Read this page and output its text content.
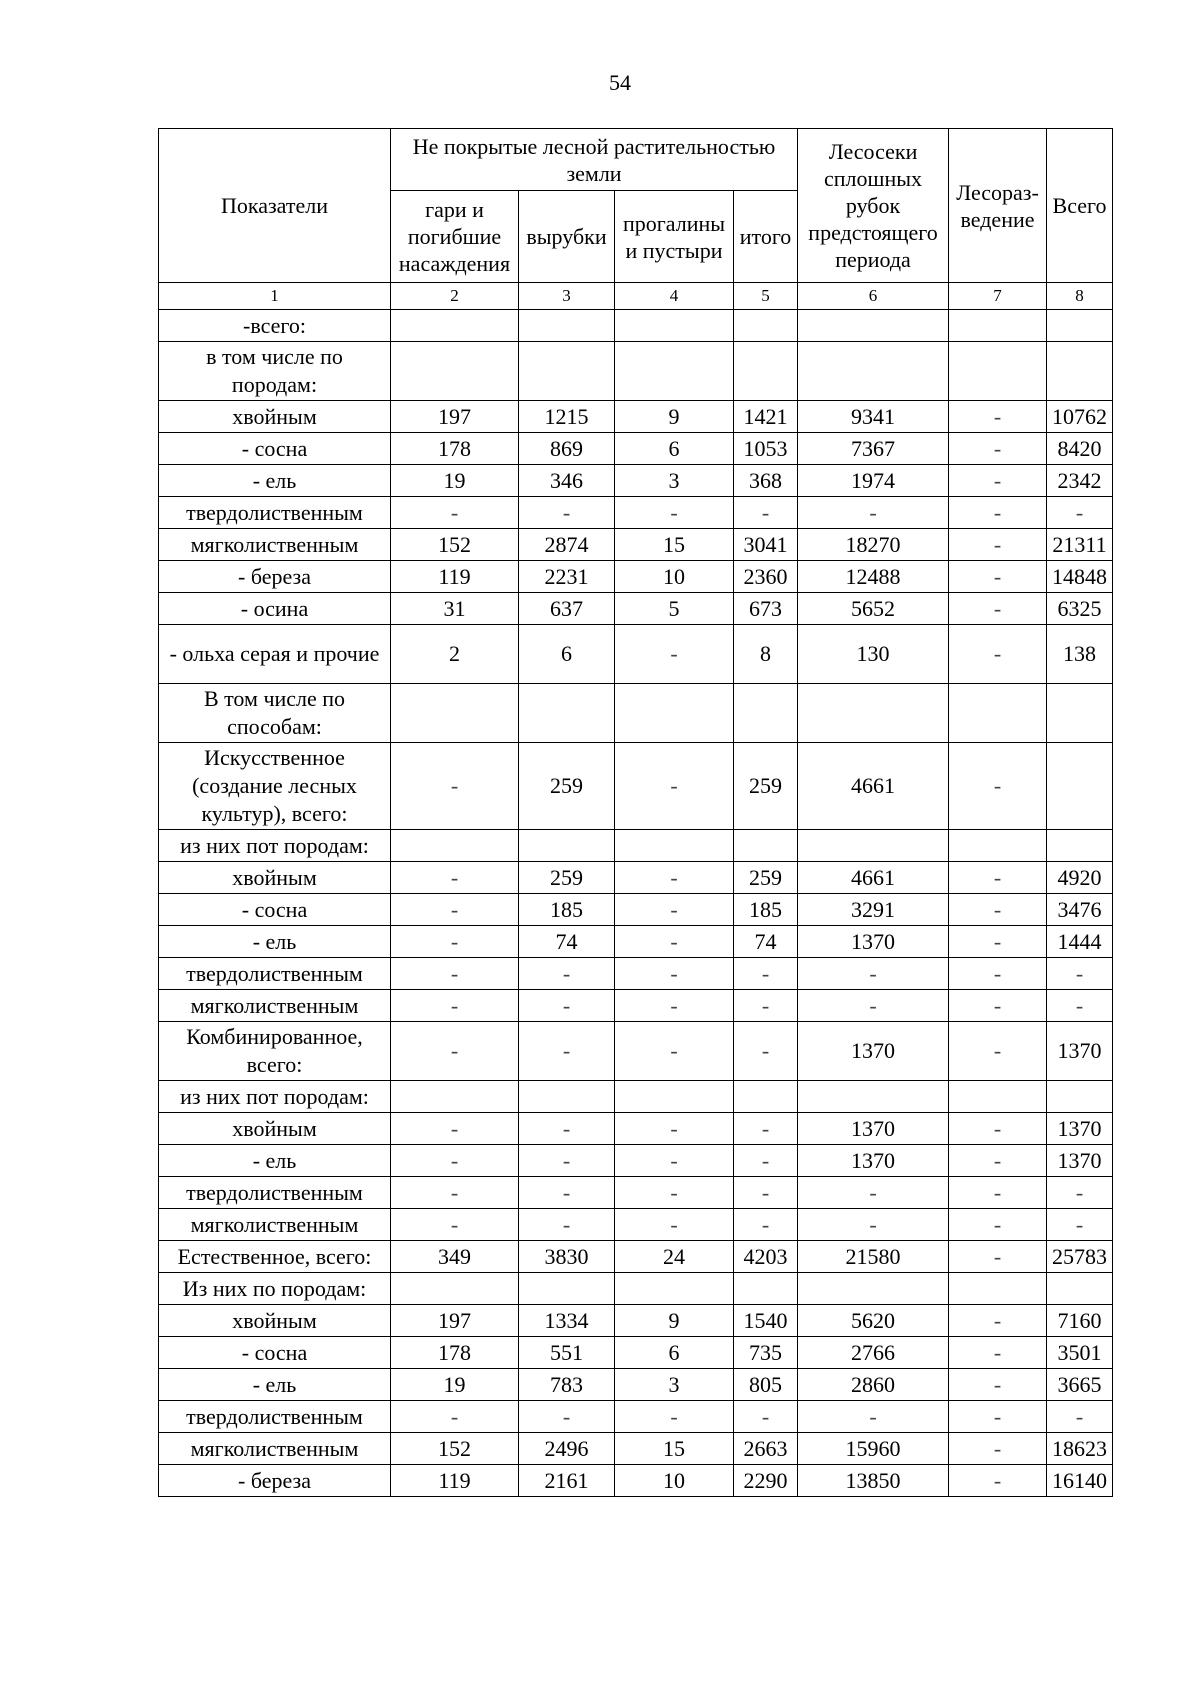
54
Показатели	Не покрытые лесной растительностью земли				Лесосеки сплошных рубок предстоящего периода	Лесораз-ведение	Всего
	гари и погибшие насаждения	вырубки	прогалины и пустыри	итого			
1	2	3	4	5	6	7	8
-всего:							
в том числе по породам:							
хвойным	197	1215	9	1421	9341	-	10762
- сосна	178	869	6	1053	7367	-	8420
- ель	19	346	3	368	1974	-	2342
твердолиственным	-	-	-	-	-	-	-
мягколиственным	152	2874	15	3041	18270	-	21311
- береза	119	2231	10	2360	12488	-	14848
- осина	31	637	5	673	5652	-	6325
- ольха серая и прочие	2	6	-	8	130	-	138
В том числе по способам:							
Искусственное (создание лесных культур), всего:	-	259	-	259	4661	-	
из них пот породам:							
хвойным	-	259	-	259	4661	-	4920
- сосна	-	185	-	185	3291	-	3476
- ель	-	74	-	74	1370	-	1444
твердолиственным	-	-	-	-	-	-	-
мягколиственным	-	-	-	-	-	-	-
Комбинированное, всего:	-	-	-	-	1370	-	1370
из них пот породам:							
хвойным	-	-	-	-	1370	-	1370
- ель	-	-	-	-	1370	-	1370
твердолиственным	-	-	-	-	-	-	-
мягколиственным	-	-	-	-	-	-	-
Естественное, всего:	349	3830	24	4203	21580	-	25783
Из них по породам:							
хвойным	197	1334	9	1540	5620	-	7160
- сосна	178	551	6	735	2766	-	3501
- ель	19	783	3	805	2860	-	3665
твердолиственным	-	-	-	-	-	-	-
мягколиственным	152	2496	15	2663	15960	-	18623
- береза	119	2161	10	2290	13850	-	16140
